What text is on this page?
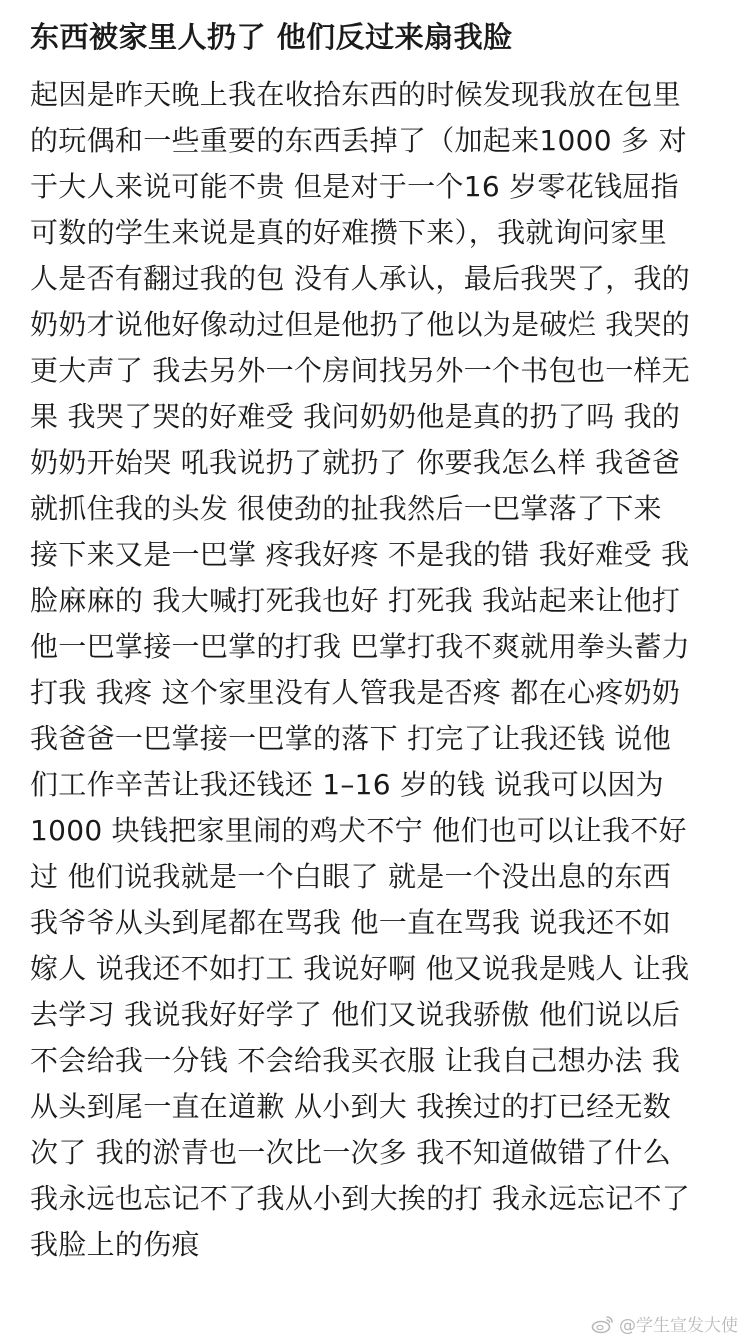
东西被家里人扔了 他们反过来扇我脸
起因是昨天晚上我在收拾东西的时候发现我放在包里
的玩偶和一些重要的东西丢掉了（加起来1000 多 对
于大人来说可能不贵 但是对于一个16 岁零花钱屈指
可数的学生来说是真的好难攒下来），我就询问家里
人是否有翻过我的包 没有人承认，最后我哭了，我的
奶奶才说他好像动过但是他扔了他以为是破烂 我哭的
更大声了 我去另外一个房间找另外一个书包也一样无
果 我哭了哭的好难受 我问奶奶他是真的扔了吗 我的
奶奶开始哭 吼我说扔了就扔了 你要我怎么样 我爸爸
就抓住我的头发 很使劲的扯我然后一巴掌落了下来
接下来又是一巴掌 疼我好疼 不是我的错 我好难受 我
脸麻麻的 我大喊打死我也好 打死我 我站起来让他打
他一巴掌接一巴掌的打我 巴掌打我不爽就用拳头蓄力
打我 我疼 这个家里没有人管我是否疼 都在心疼奶奶
我爸爸一巴掌接一巴掌的落下 打完了让我还钱 说他
们工作辛苦让我还钱还 1–16 岁的钱 说我可以因为
1000 块钱把家里闹的鸡犬不宁 他们也可以让我不好
过 他们说我就是一个白眼了 就是一个没出息的东西
我爷爷从头到尾都在骂我 他一直在骂我 说我还不如
嫁人 说我还不如打工 我说好啊 他又说我是贱人 让我
去学习 我说我好好学了 他们又说我骄傲 他们说以后
不会给我一分钱 不会给我买衣服 让我自己想办法 我
从头到尾一直在道歉 从小到大 我挨过的打已经无数
次了 我的淤青也一次比一次多 我不知道做错了什么
我永远也忘记不了我从小到大挨的打 我永远忘记不了
我脸上的伤痕
@学生宣发大使
